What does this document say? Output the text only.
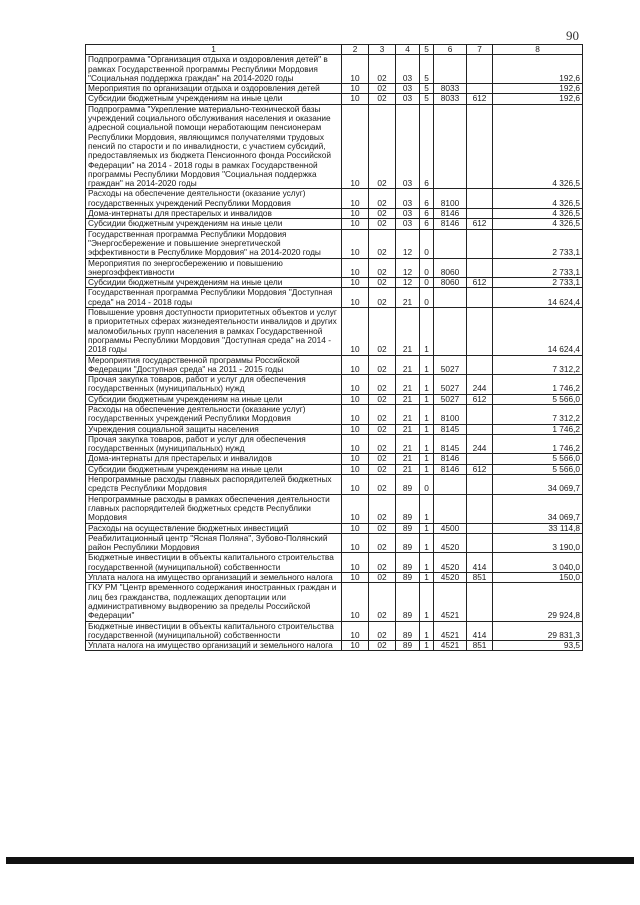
90
1	2	3	4	5	6	7	8
Подпрограмма "Организация отдыха и оздоровления детей" в рамках Государственной программы Республики Мордовия "Социальная поддержка граждан" на 2014-2020 годы	10	02	03	5			192,6
Мероприятия по организации отдыха и оздоровления детей	10	02	03	5	8033		192,6
Субсидии бюджетным учреждениям на иные цели	10	02	03	5	8033	612	192,6
Подпрограмма "Укрепление материально-технической базы учреждений социального обслуживания населения и оказание адресной социальной помощи неработающим пенсионерам Республики Мордовия, являющимся получателями трудовых пенсий по старости и по инвалидности, с участием субсидий, предоставляемых из бюджета Пенсионного фонда Российской Федерации" на 2014 - 2018 годы в рамках Государственной программы Республики Мордовия "Социальная поддержка граждан" на 2014-2020 годы	10	02	03	6			4 326,5
Расходы на обеспечение деятельности (оказание услуг) государственных учреждений Республики Мордовия	10	02	03	6	8100		4 326,5
Дома-интернаты для престарелых и инвалидов	10	02	03	6	8146		4 326,5
Субсидии бюджетным учреждениям на иные цели	10	02	03	6	8146	612	4 326,5
Государственная программа Республики Мордовия "Энергосбережение и повышение энергетической эффективности в Республике Мордовия" на 2014-2020 годы	10	02	12	0			2 733,1
Мероприятия по энергосбережению и повышению энергоэффективности	10	02	12	0	8060		2 733,1
Субсидии бюджетным учреждениям на иные цели	10	02	12	0	8060	612	2 733,1
Государственная программа Республики Мордовия "Доступная среда" на 2014 - 2018 годы	10	02	21	0			14 624,4
Повышение уровня доступности приоритетных объектов и услуг в приоритетных сферах жизнедеятельности инвалидов и других маломобильных групп населения в рамках Государственной программы Республики Мордовия "Доступная среда" на 2014 - 2018 годы	10	02	21	1			14 624,4
Мероприятия государственной программы Российской Федерации "Доступная среда" на 2011 - 2015 годы	10	02	21	1	5027		7 312,2
Прочая закупка товаров, работ и услуг для обеспечения государственных (муниципальных) нужд	10	02	21	1	5027	244	1 746,2
Субсидии бюджетным учреждениям на иные цели	10	02	21	1	5027	612	5 566,0
Расходы на обеспечение деятельности (оказание услуг) государственных учреждений Республики Мордовия	10	02	21	1	8100		7 312,2
Учреждения социальной защиты населения	10	02	21	1	8145		1 746,2
Прочая закупка товаров, работ и услуг для обеспечения государственных (муниципальных) нужд	10	02	21	1	8145	244	1 746,2
Дома-интернаты для престарелых и инвалидов	10	02	21	1	8146		5 566,0
Субсидии бюджетным учреждениям на иные цели	10	02	21	1	8146	612	5 566,0
Непрограммные расходы главных распорядителей бюджетных средств Республики Мордовия	10	02	89	0			34 069,7
Непрограммные расходы в рамках обеспечения деятельности главных распорядителей бюджетных средств Республики Мордовия	10	02	89	1			34 069,7
Расходы на осуществление бюджетных инвестиций	10	02	89	1	4500		33 114,8
Реабилитационный центр "Ясная Поляна", Зубово-Полянский район Республики Мордовия	10	02	89	1	4520		3 190,0
Бюджетные инвестиции в объекты капитального строительства государственной (муниципальной) собственности	10	02	89	1	4520	414	3 040,0
Уплата налога на имущество организаций и земельного налога	10	02	89	1	4520	851	150,0
ГКУ РМ "Центр временного содержания иностранных граждан и лиц без гражданства, подлежащих депортации или административному выдворению за пределы Российской Федерации"	10	02	89	1	4521		29 924,8
Бюджетные инвестиции в объекты капитального строительства государственной (муниципальной) собственности	10	02	89	1	4521	414	29 831,3
Уплата налога на имущество организаций и земельного налога	10	02	89	1	4521	851	93,5
